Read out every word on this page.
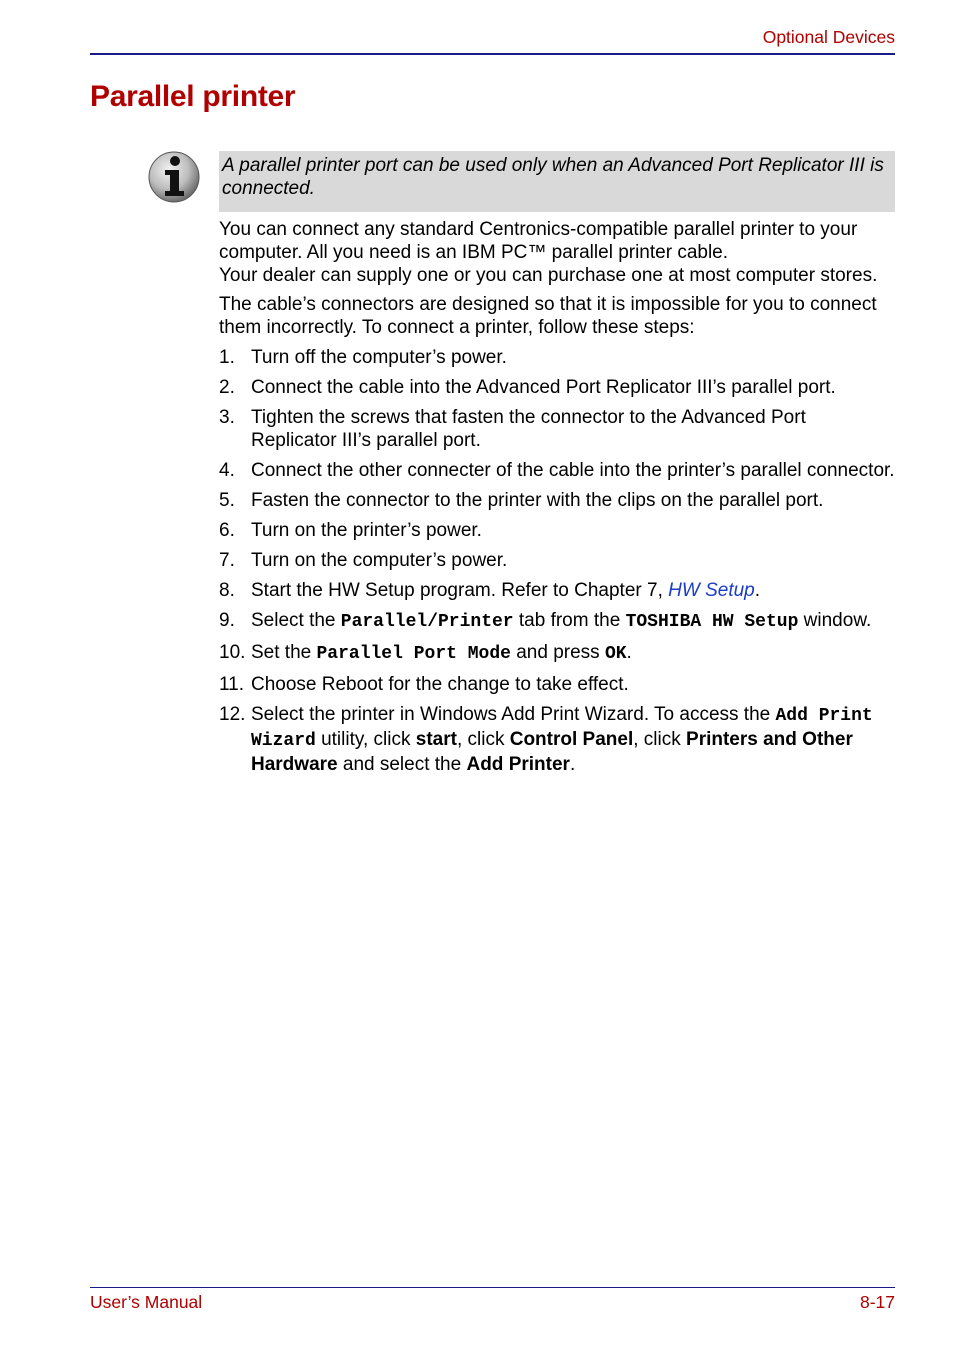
Optional Devices
Parallel printer
A parallel printer port can be used only when an Advanced Port Replicator III is connected.
You can connect any standard Centronics-compatible parallel printer to your computer. All you need is an IBM PC™ parallel printer cable.
Your dealer can supply one or you can purchase one at most computer stores.

The cable’s connectors are designed so that it is impossible for you to connect them incorrectly. To connect a printer, follow these steps:

1. Turn off the computer’s power.
2. Connect the cable into the Advanced Port Replicator III’s parallel port.
3. Tighten the screws that fasten the connector to the Advanced Port Replicator III’s parallel port.
4. Connect the other connecter of the cable into the printer’s parallel connector.
5. Fasten the connector to the printer with the clips on the parallel port.
6. Turn on the printer’s power.
7. Turn on the computer’s power.
8. Start the HW Setup program. Refer to Chapter 7, HW Setup.
9. Select the Parallel/Printer tab from the TOSHIBA HW Setup window.
10. Set the Parallel Port Mode and press OK.
11. Choose Reboot for the change to take effect.
12. Select the printer in Windows Add Print Wizard. To access the Add Print Wizard utility, click start, click Control Panel, click Printers and Other Hardware and select the Add Printer.
User’s Manual	8-17
